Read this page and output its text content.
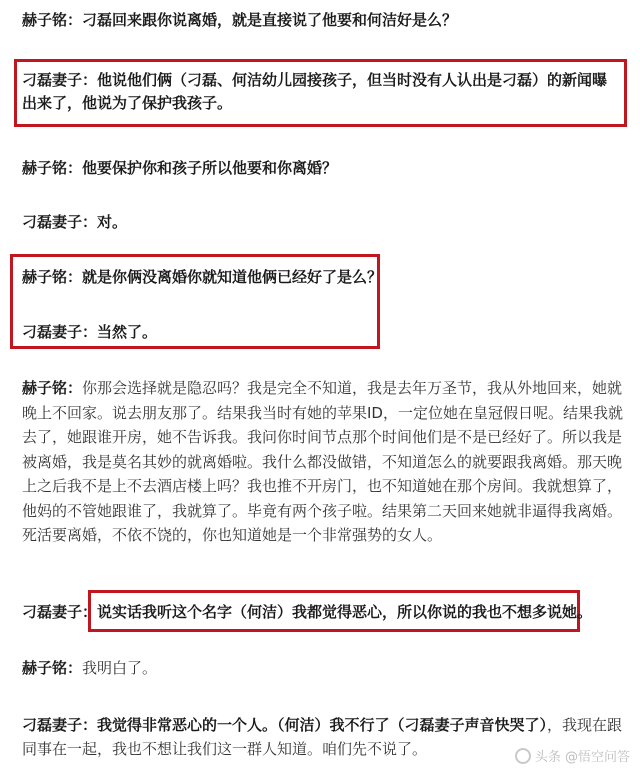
赫子铭：刁磊回来跟你说离婚，就是直接说了他要和何洁好是么？

刁磊妻子：他说他们俩（刁磊、何洁幼儿园接孩子，但当时没有人认出是刁磊）的新闻曝出来了，他说为了保护我孩子。

赫子铭：他要保护你和孩子所以他要和你离婚？

刁磊妻子：对。

赫子铭：就是你俩没离婚你就知道他俩已经好了是么？

刁磊妻子：当然了。

赫子铭：你那会选择就是隐忍吗？我是完全不知道，我是去年万圣节，我从外地回来，她就晚上不回家。说去朋友那了。结果我当时有她的苹果ID，一定位她在皇冠假日呢。结果我就去了，她跟谁开房，她不告诉我。我问你时间节点那个时间他们是不是已经好了。所以我是被离婚，我是莫名其妙的就离婚啦。我什么都没做错，不知道怎么的就要跟我离婚。那天晚上之后我不是上不去酒店楼上吗？我也推不开房门，也不知道她在那个房间。我就想算了，他妈的不管她跟谁了，我就算了。毕竟有两个孩子啦。结果第二天回来她就非逼得我离婚。死活要离婚，不依不饶的，你也知道她是一个非常强势的女人。

刁磊妻子：说实话我听这个名字（何洁）我都觉得恶心，所以你说的我也不想多说她。

赫子铭：我明白了。

刁磊妻子：我觉得非常恶心的一个人。（何洁）我不行了（刁磊妻子声音快哭了），我现在跟同事在一起，我也不想让我们这一群人知道。咱们先不说了。	头条 @悟空问答
